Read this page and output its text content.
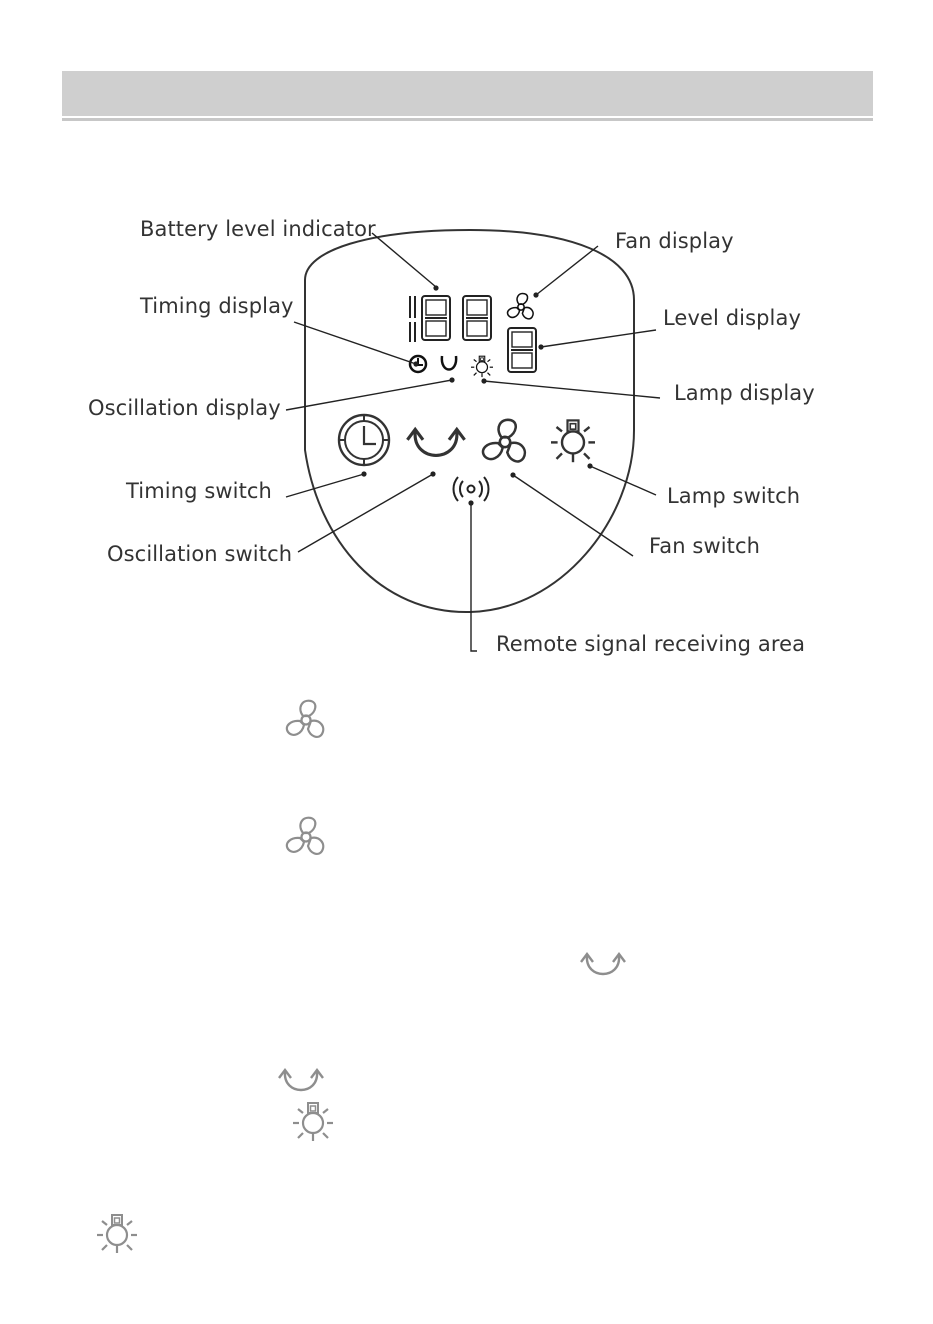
Battery level indicator	Fan display
Timing display	Level display
Oscillation display
Lamp display
Timing switch	Lamp switch
Oscillation switch	Fan switch
Remote signal receiving area
